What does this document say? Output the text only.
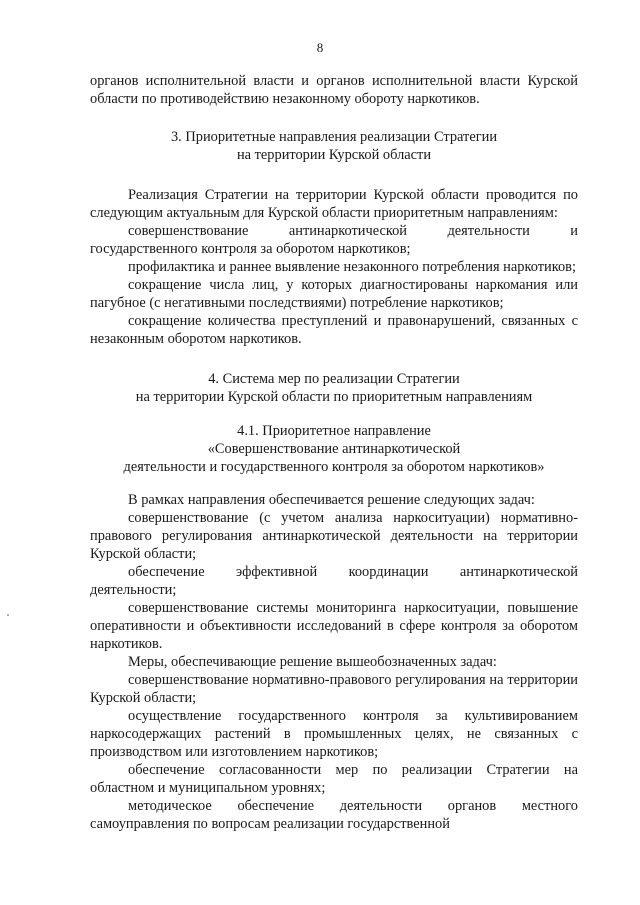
8

органов исполнительной власти и органов исполнительной власти Курской области по противодействию незаконному обороту наркотиков.

3. Приоритетные направления реализации Стратегии

на территории Курской области

Реализация Стратегии на территории Курской области проводится по следующим актуальным для Курской области приоритетным направлениям:

совершенствование антинаркотической деятельности и государственного контроля за оборотом наркотиков;

профилактика и раннее выявление незаконного потребления наркотиков;

сокращение числа лиц, у которых диагностированы наркомания или пагубное (с негативными последствиями) потребление наркотиков;

сокращение количества преступлений и правонарушений, связанных с незаконным оборотом наркотиков.

4. Система мер по реализации Стратегии

на территории Курской области по приоритетным направлениям

4.1. Приоритетное направление

«Совершенствование антинаркотической

деятельности и государственного контроля за оборотом наркотиков»

В рамках направления обеспечивается решение следующих задач:

совершенствование (с учетом анализа наркоситуации) нормативно-правового регулирования антинаркотической деятельности на территории Курской области;

обеспечение эффективной координации антинаркотической деятельности;

совершенствование системы мониторинга наркоситуации, повышение оперативности и объективности исследований в сфере контроля за оборотом наркотиков.

Меры, обеспечивающие решение вышеобозначенных задач:

совершенствование нормативно-правового регулирования на территории Курской области;

осуществление государственного контроля за культивированием наркосодержащих растений в промышленных целях, не связанных с производством или изготовлением наркотиков;

обеспечение согласованности мер по реализации Стратегии на областном и муниципальном уровнях;

методическое обеспечение деятельности органов местного самоуправления по вопросам реализации государственной
